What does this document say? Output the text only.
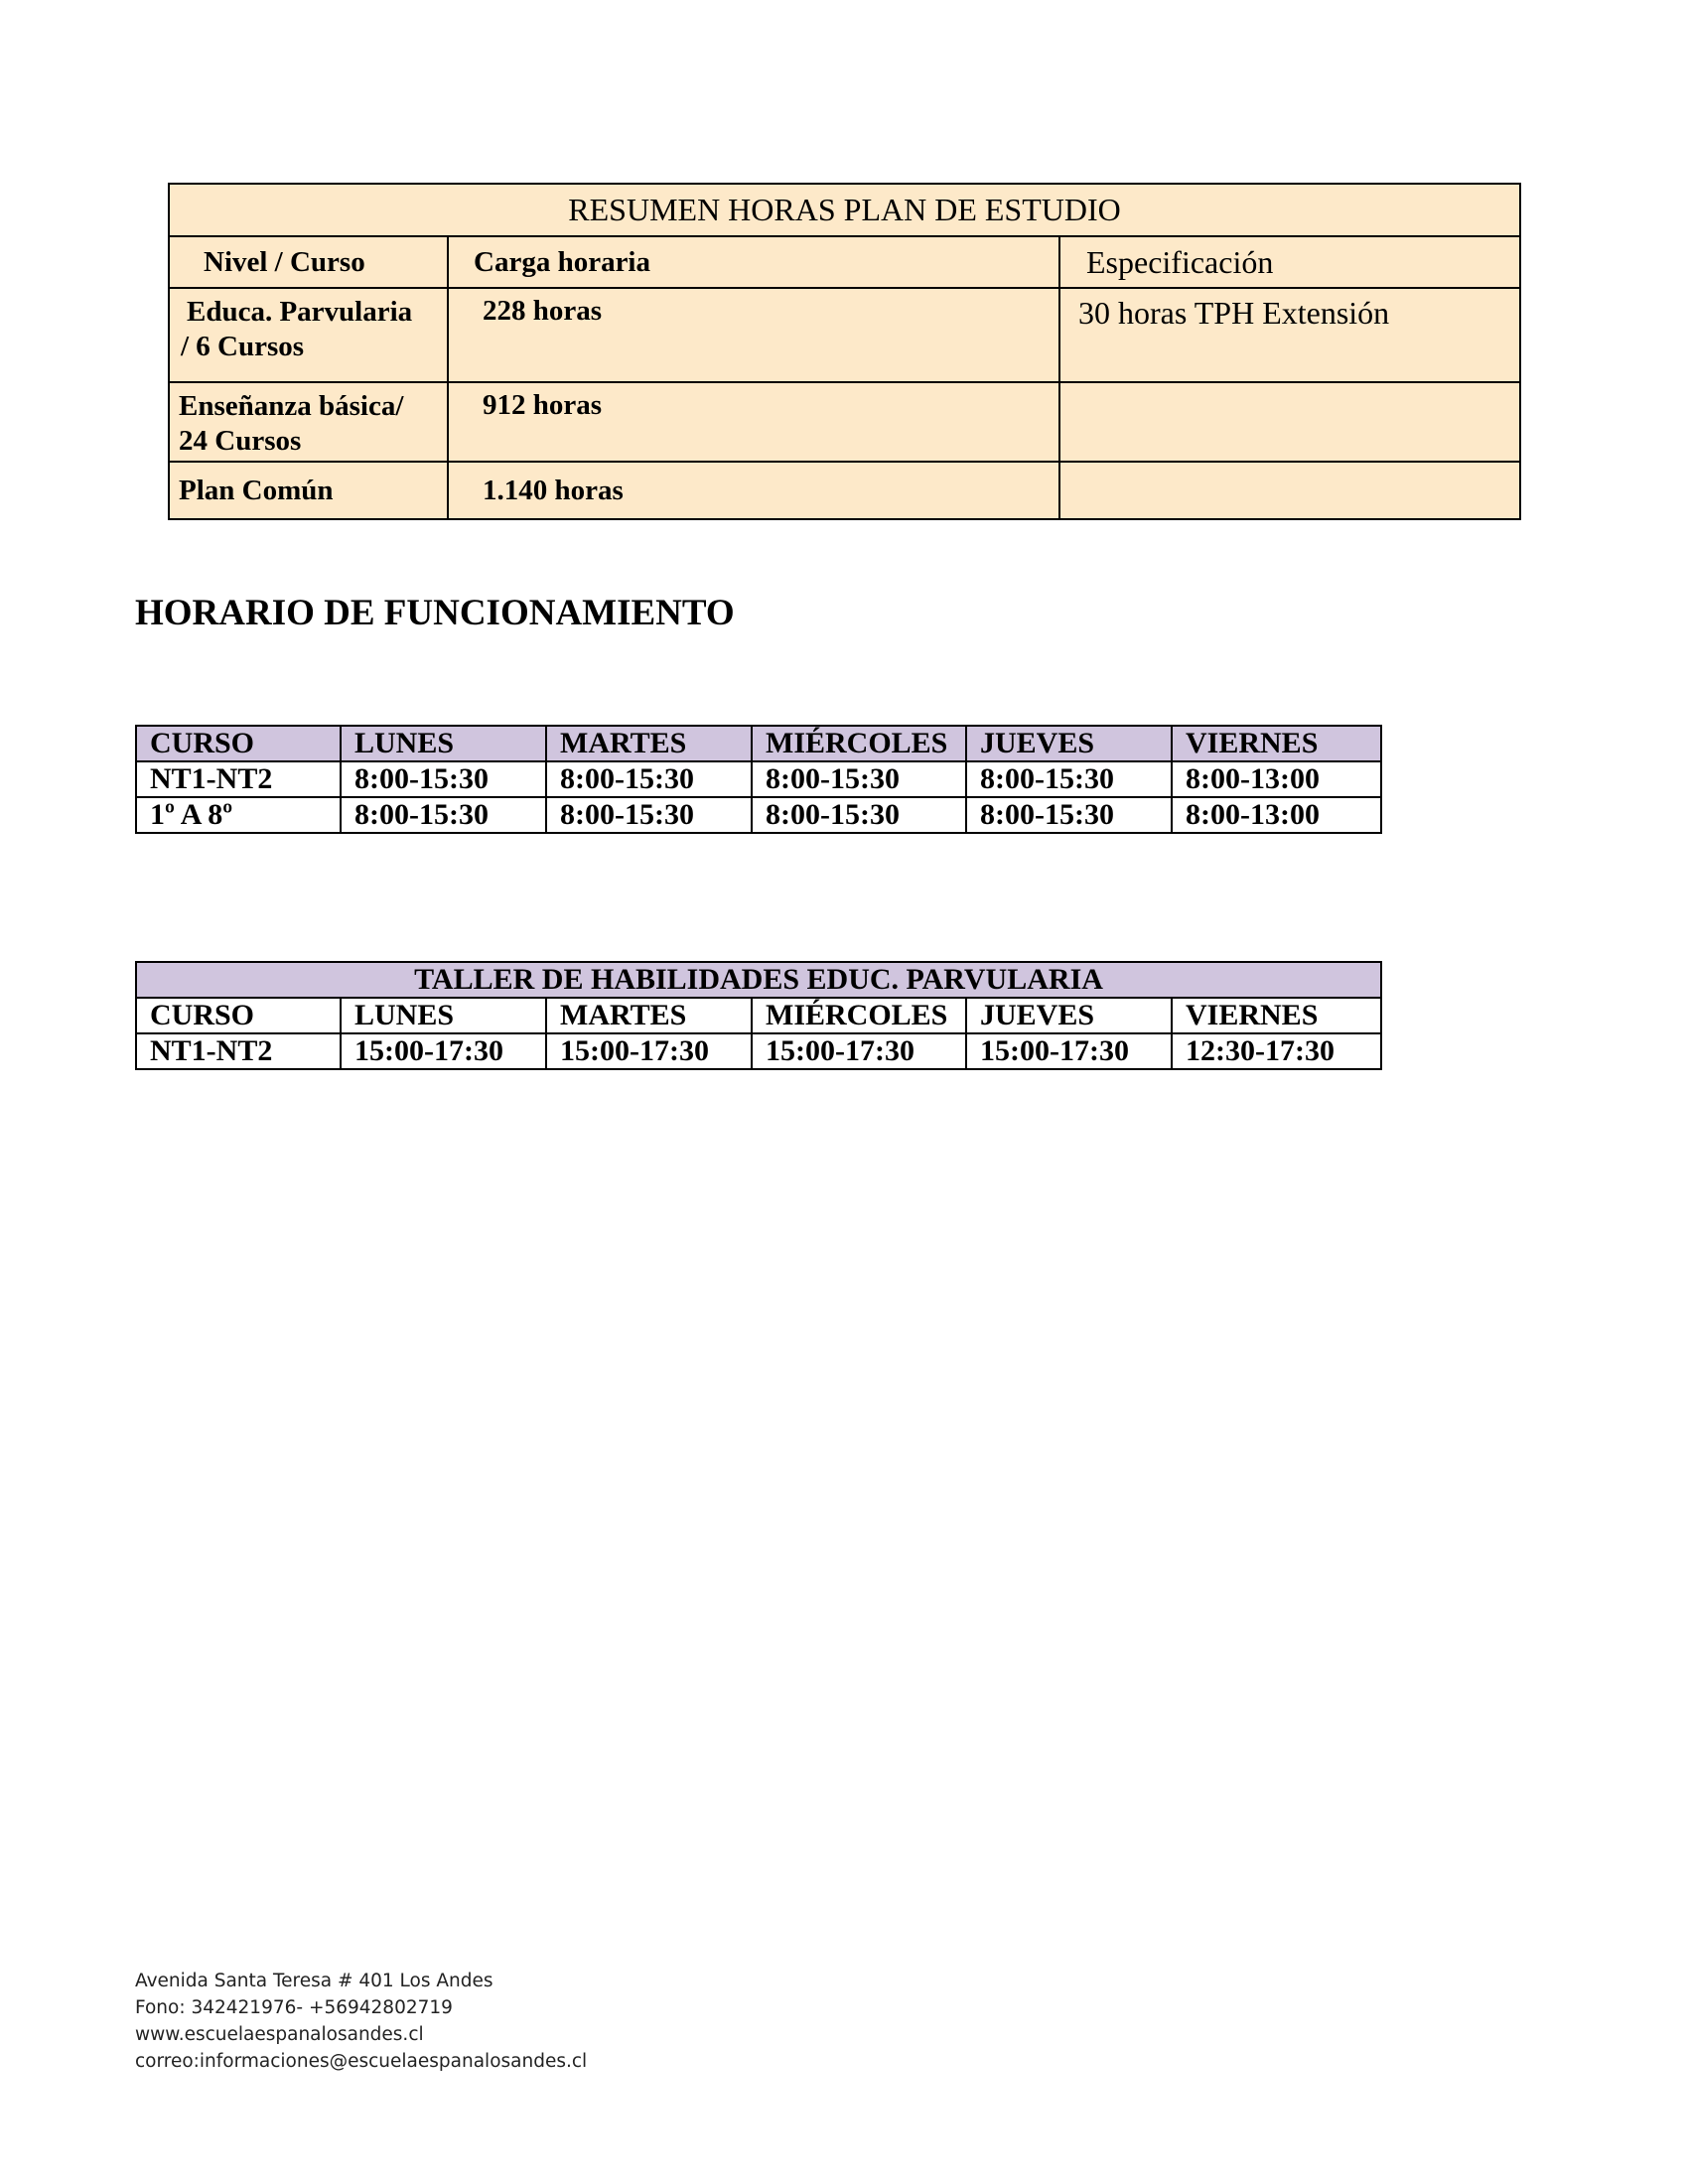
RESUMEN HORAS PLAN DE ESTUDIO		
Nivel / Curso	Carga horaria	Especificación

Educa. Parvularia
/ 6 Cursos	228 horas	30 horas TPH Extensión

Enseñanza básica/
24 Cursos	912 horas	
Plan Común	1.140 horas	
HORARIO DE FUNCIONAMIENTO
CURSO	LUNES	MARTES	MIÉRCOLES	JUEVES	VIERNES
NT1-NT2	8:00-15:30	8:00-15:30	8:00-15:30	8:00-15:30	8:00-13:00
1º A 8º	8:00-15:30	8:00-15:30	8:00-15:30	8:00-15:30	8:00-13:00
TALLER DE HABILIDADES EDUC. PARVULARIA					
CURSO	LUNES	MARTES	MIÉRCOLES	JUEVES	VIERNES
NT1-NT2	15:00-17:30	15:00-17:30	15:00-17:30	15:00-17:30	12:30-17:30
Avenida Santa Teresa # 401 Los Andes
Fono: 342421976- +56942802719
www.escuelaespanalosandes.cl
correo:informaciones@escuelaespanalosandes.cl
